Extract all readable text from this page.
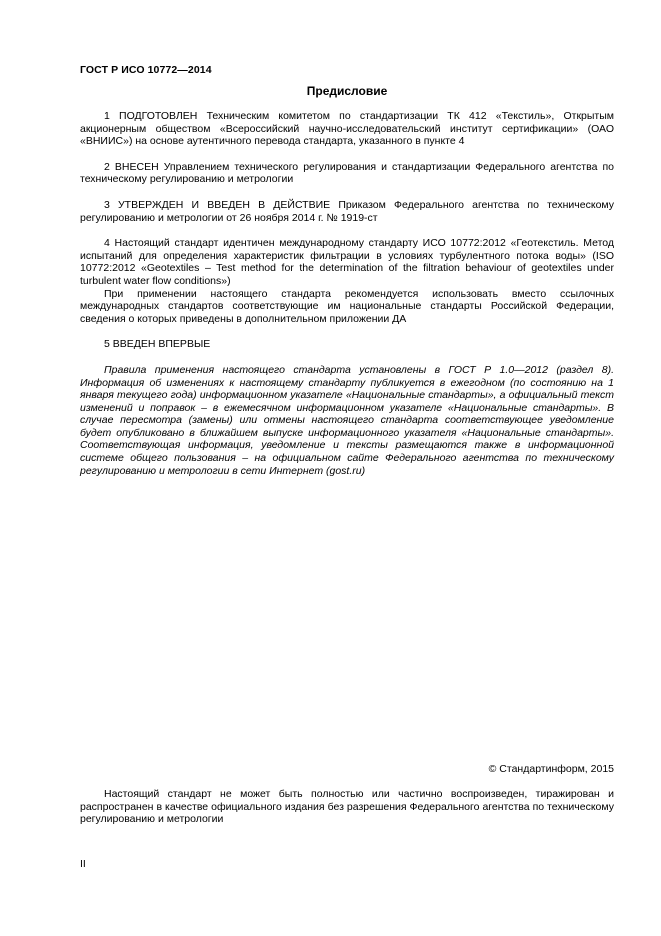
ГОСТ Р ИСО 10772—2014
Предисловие

1 ПОДГОТОВЛЕН Техническим комитетом по стандартизации ТК 412 «Текстиль», Открытым акционерным обществом «Всероссийский научно-исследовательский институт сертификации» (ОАО «ВНИИС») на основе аутентичного перевода стандарта, указанного в пункте 4

2 ВНЕСЕН Управлением технического регулирования и стандартизации Федерального агентства по техническому регулированию и метрологии

3 УТВЕРЖДЕН И ВВЕДЕН В ДЕЙСТВИЕ Приказом Федерального агентства по техническому регулированию и метрологии от 26 ноября 2014 г. № 1919-ст

4 Настоящий стандарт идентичен международному стандарту ИСО 10772:2012 «Геотекстиль. Метод испытаний для определения характеристик фильтрации в условиях турбулентного потока воды» (ISO 10772:2012 «Geotextiles – Test method for the determination of the filtration behaviour of geotextiles under turbulent water flow conditions»)

При применении настоящего стандарта рекомендуется использовать вместо ссылочных международных стандартов соответствующие им национальные стандарты Российской Федерации, сведения о которых приведены в дополнительном приложении ДА

5 ВВЕДЕН ВПЕРВЫЕ

Правила применения настоящего стандарта установлены в ГОСТ Р 1.0—2012 (раздел 8). Информация об изменениях к настоящему стандарту публикуется в ежегодном (по состоянию на 1 января текущего года) информационном указателе «Национальные стандарты», а официальный текст изменений и поправок – в ежемесячном информационном указателе «Национальные стандарты». В случае пересмотра (замены) или отмены настоящего стандарта соответствующее уведомление будет опубликовано в ближайшем выпуске информационного указателя «Национальные стандарты». Соответствующая информация, уведомление и тексты размещаются также в информационной системе общего пользования – на официальном сайте Федерального агентства по техническому регулированию и метрологии в сети Интернет (gost.ru)

© Стандартинформ, 2015

Настоящий стандарт не может быть полностью или частично воспроизведен, тиражирован и распространен в качестве официального издания без разрешения Федерального агентства по техническому регулированию и метрологии

II
